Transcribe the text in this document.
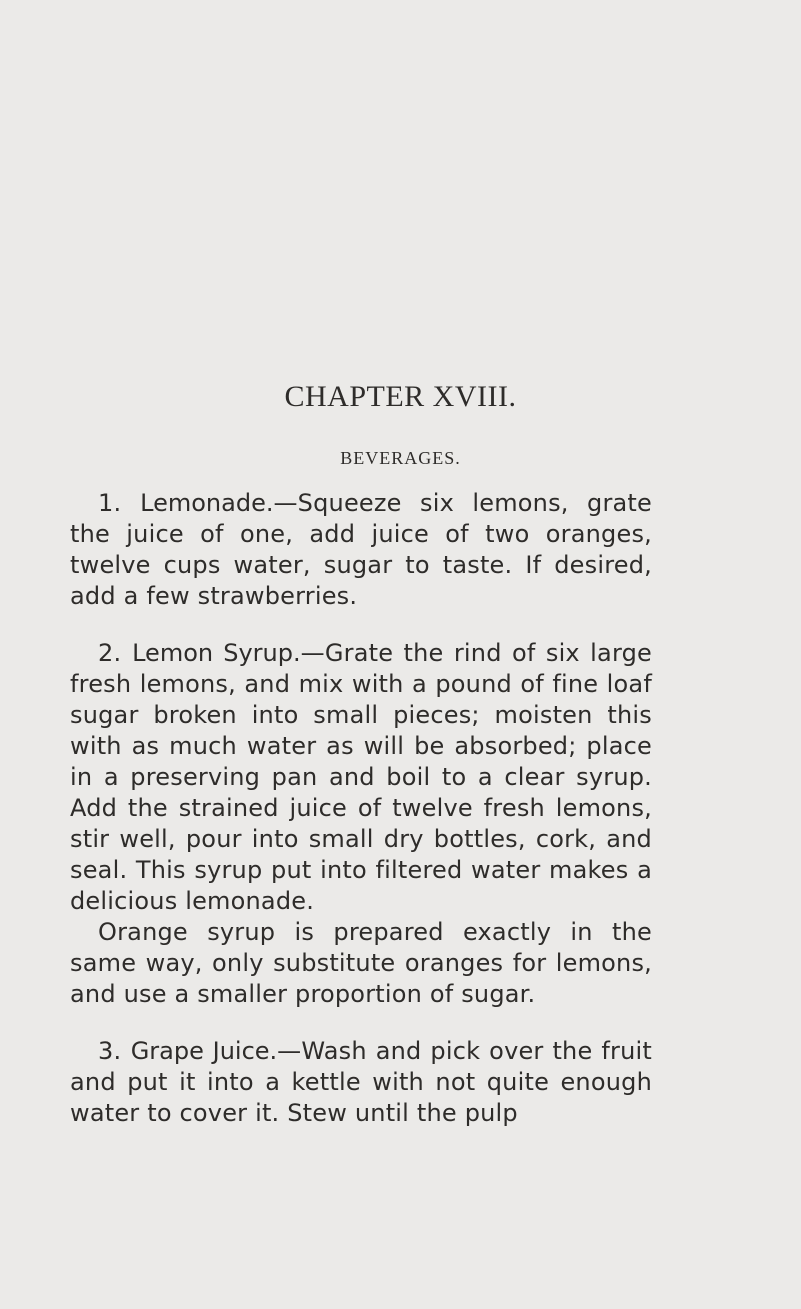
CHAPTER XVIII.
BEVERAGES.

1. Lemonade.—Squeeze six lemons, grate the juice of one, add juice of two oranges, twelve cups water, sugar to taste. If desired, add a few strawberries.

2. Lemon Syrup.—Grate the rind of six large fresh lemons, and mix with a pound of fine loaf sugar broken into small pieces; moisten this with as much water as will be absorbed; place in a preserving pan and boil to a clear syrup. Add the strained juice of twelve fresh lemons, stir well, pour into small dry bottles, cork, and seal. This syrup put into filtered water makes a delicious lemonade.
Orange syrup is prepared exactly in the same way, only substitute oranges for lemons, and use a smaller proportion of sugar.

3. Grape Juice.—Wash and pick over the fruit and put it into a kettle with not quite enough water to cover it. Stew until the pulp
